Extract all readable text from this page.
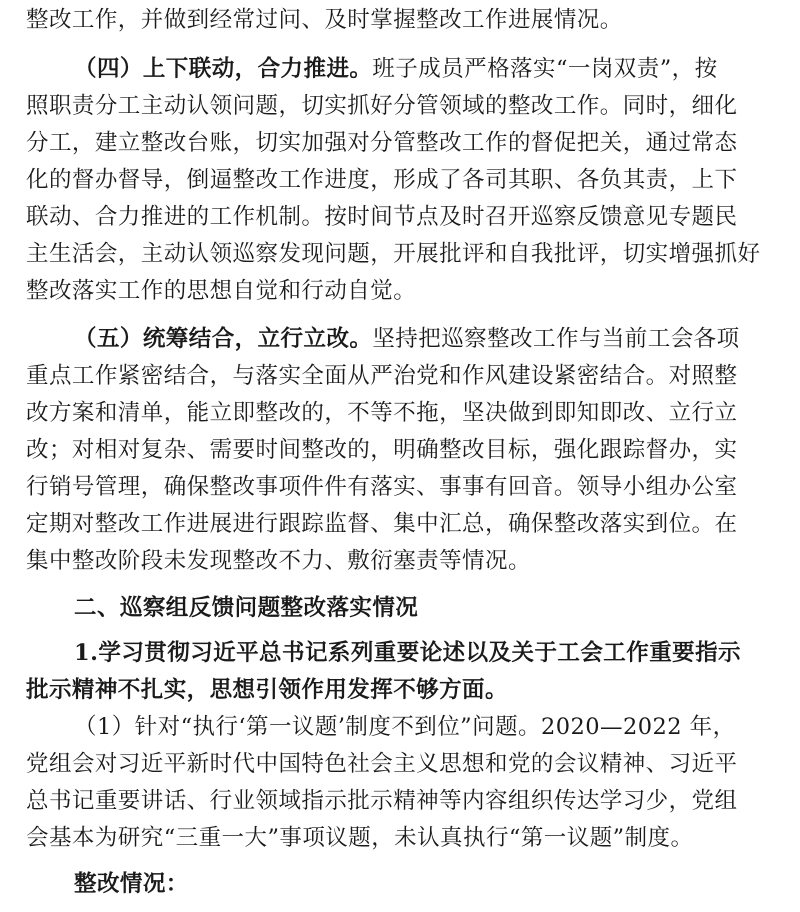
整改工作，并做到经常过问、及时掌握整改工作进展情况。
（四）上下联动，合力推进。班子成员严格落实“一岗双责”，按
照职责分工主动认领问题，切实抓好分管领域的整改工作。同时，细化
分工，建立整改台账，切实加强对分管整改工作的督促把关，通过常态
化的督办督导，倒逼整改工作进度，形成了各司其职、各负其责，上下
联动、合力推进的工作机制。按时间节点及时召开巡察反馈意见专题民
主生活会，主动认领巡察发现问题，开展批评和自我批评，切实增强抓好
整改落实工作的思想自觉和行动自觉。
（五）统筹结合，立行立改。坚持把巡察整改工作与当前工会各项
重点工作紧密结合，与落实全面从严治党和作风建设紧密结合。对照整
改方案和清单，能立即整改的，不等不拖，坚决做到即知即改、立行立
改；对相对复杂、需要时间整改的，明确整改目标，强化跟踪督办，实
行销号管理，确保整改事项件件有落实、事事有回音。领导小组办公室
定期对整改工作进展进行跟踪监督、集中汇总，确保整改落实到位。在
集中整改阶段未发现整改不力、敷衍塞责等情况。
二、巡察组反馈问题整改落实情况
1.学习贯彻习近平总书记系列重要论述以及关于工会工作重要指示
批示精神不扎实，思想引领作用发挥不够方面。
（1）针对“执行‘第一议题’制度不到位”问题。2020—2022 年，
党组会对习近平新时代中国特色社会主义思想和党的会议精神、习近平
总书记重要讲话、行业领域指示批示精神等内容组织传达学习少，党组
会基本为研究“三重一大”事项议题，未认真执行“第一议题”制度。
整改情况：
